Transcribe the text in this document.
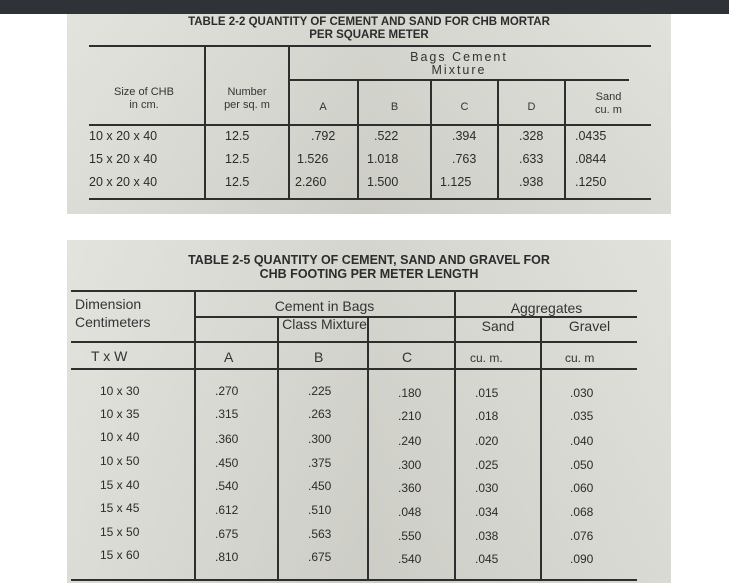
TABLE 2-2 QUANTITY OF CEMENT AND SAND FOR CHB MORTAR
PER SQUARE METER
Size of CHB
in cm.
Number
per sq. m
Bags Cement
Mixture
A	B	C	D
Sand
cu. m
10 x 20 x 40	12.5	.792	.522	.394	.328	.0435
15 x 20 x 40	12.5	1.526	1.018	.763	.633	.0844
20 x 20 x 40	12.5	2.260	1.500	1.125	.938	.1250
TABLE 2-5 QUANTITY OF CEMENT, SAND AND GRAVEL FOR
CHB FOOTING PER METER LENGTH
Dimension
Centimeters
Cement in Bags
Class Mixture
Aggregates
Sand	Gravel
T x W	A	B	C	cu. m.	cu. m
10 x 30	.270	.225	.180	.015	.030
10 x 35	.315	.263	.210	.018	.035
10 x 40	.360	.300	.240	.020	.040
10 x 50	.450	.375	.300	.025	.050
15 x 40	.540	.450	.360	.030	.060
15 x 45	.612	.510	.048	.034	.068
15 x 50	.675	.563	.550	.038	.076
15 x 60	.810	.675	.540	.045	.090
